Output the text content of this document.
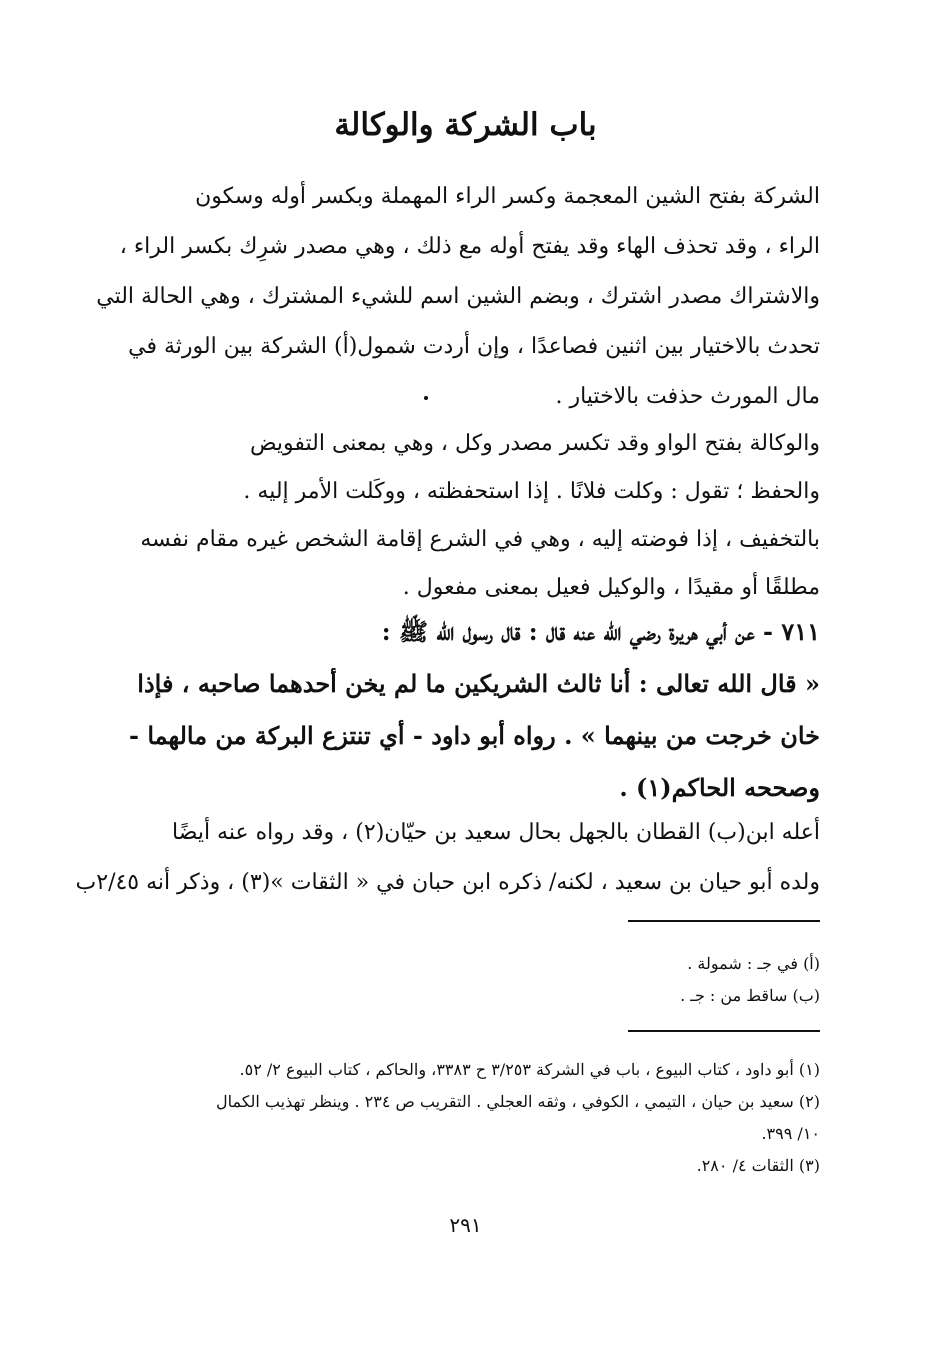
باب الشركة والوكالة
الشركة بفتح الشين المعجمة وكسر الراء المهملة وبكسر أوله وسكون
الراء ، وقد تحذف الهاء وقد يفتح أوله مع ذلك ، وهي مصدر شرِك بكسر الراء ،
والاشتراك مصدر اشترك ، وبضم الشين اسم للشيء المشترك ، وهي الحالة التي
تحدث بالاختيار بين اثنين فصاعدًا ، وإن أردت شمول(أ) الشركة بين الورثة في
مال المورث حذفت بالاختيار .
والوكالة بفتح الواو وقد تكسر مصدر وكل ، وهي بمعنى التفويض
والحفظ ؛ تقول : وكلت فلانًا . إذا استحفظته ، ووكَلت الأمر إليه .
بالتخفيف ، إذا فوضته إليه ، وهي في الشرع إقامة الشخص غيره مقام نفسه
مطلقًا أو مقيدًا ، والوكيل فعيل بمعنى مفعول .
٧١١ - عن أبي هريرة رضي الله عنه قال : قال رسول الله ﷺ :
« قال الله تعالى : أنا ثالث الشريكين ما لم يخن أحدهما صاحبه ، فإذا
خان خرجت من بينهما » . رواه أبو داود - أي تنتزع البركة من مالهما -
وصححه الحاكم(١) .
أعله ابن(ب) القطان بالجهل بحال سعيد بن حيّان(٢) ، وقد رواه عنه أيضًا
ولده أبو حيان بن سعيد ، لكنه/ ذكره ابن حبان في « الثقات »(٣) ، وذكر أنه ٢/٤٥ب
(أ) في جـ : شمولة .
(ب) ساقط من : جـ .
(١) أبو داود ، كتاب البيوع ، باب في الشركة ٣/٢٥٣ ح ٣٣٨٣، والحاكم ، كتاب البيوع ٢/ ٥٢.
(٢) سعيد بن حيان ، التيمي ، الكوفي ، وثقه العجلي . التقريب ص ٢٣٤ . وينظر تهذيب الكمال
١٠/ ٣٩٩.
(٣) الثقات ٤/ ٢٨٠.
٢٩١
